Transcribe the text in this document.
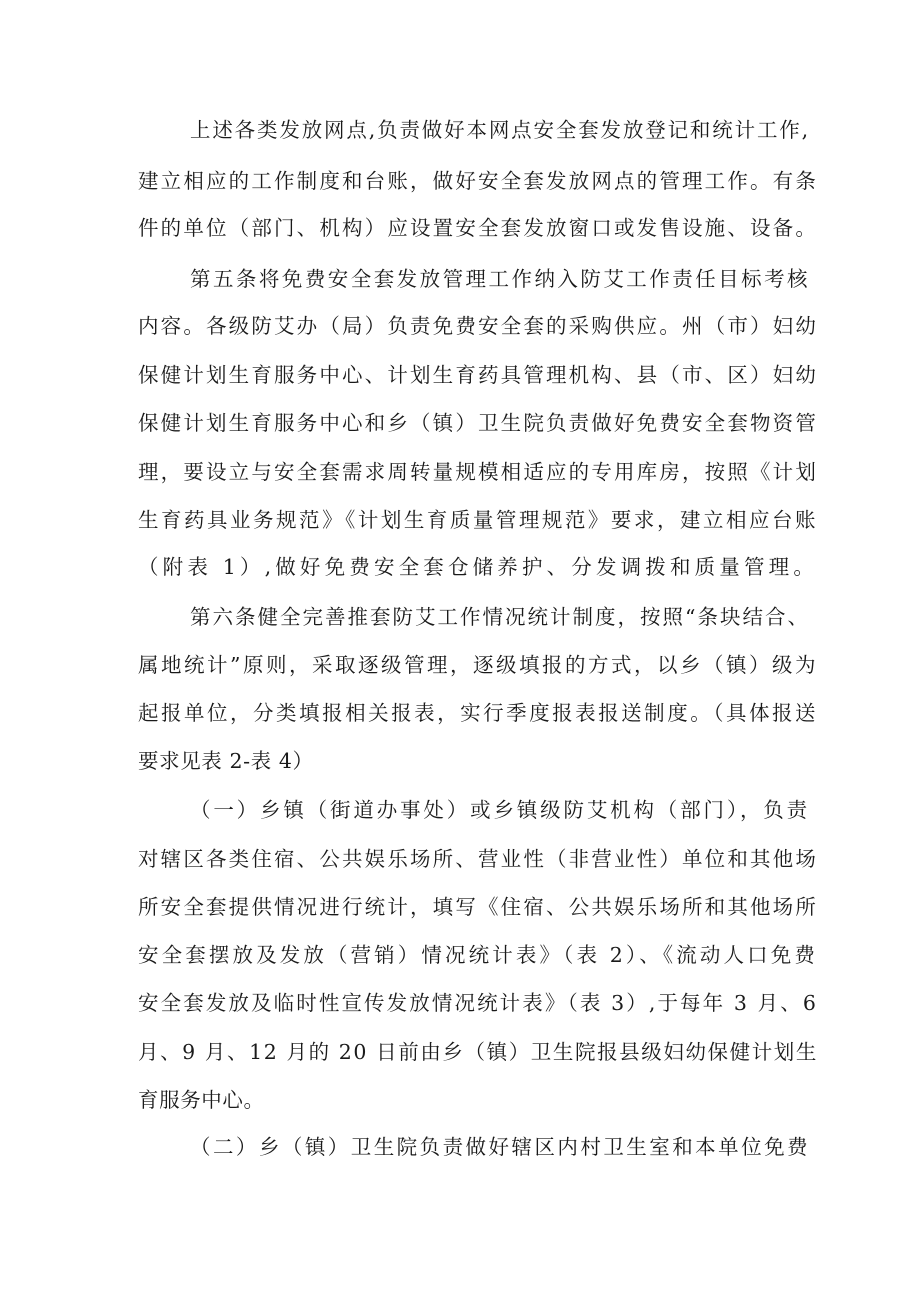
上述各类发放网点,负责做好本网点安全套发放登记和统计工作,
建立相应的工作制度和台账，做好安全套发放网点的管理工作。有条
件的单位（部门、机构）应设置安全套发放窗口或发售设施、设备。
第五条将免费安全套发放管理工作纳入防艾工作责任目标考核
内容。各级防艾办（局）负责免费安全套的采购供应。州（市）妇幼
保健计划生育服务中心、计划生育药具管理机构、县（市、区）妇幼
保健计划生育服务中心和乡（镇）卫生院负责做好免费安全套物资管
理，要设立与安全套需求周转量规模相适应的专用库房，按照《计划
生育药具业务规范》《计划生育质量管理规范》要求，建立相应台账
（附表 1）,做好免费安全套仓储养护、分发调拨和质量管理。
第六条健全完善推套防艾工作情况统计制度，按照“条块结合、
属地统计”原则，采取逐级管理，逐级填报的方式，以乡（镇）级为
起报单位，分类填报相关报表，实行季度报表报送制度。（具体报送
要求见表 2-表 4）
（一）乡镇（街道办事处）或乡镇级防艾机构（部门），负责
对辖区各类住宿、公共娱乐场所、营业性（非营业性）单位和其他场
所安全套提供情况进行统计，填写《住宿、公共娱乐场所和其他场所
安全套摆放及发放（营销）情况统计表》（表 2）、《流动人口免费
安全套发放及临时性宣传发放情况统计表》（表 3）,于每年 3 月、6
月、9 月、12 月的 20 日前由乡（镇）卫生院报县级妇幼保健计划生
育服务中心。
（二）乡（镇）卫生院负责做好辖区内村卫生室和本单位免费
